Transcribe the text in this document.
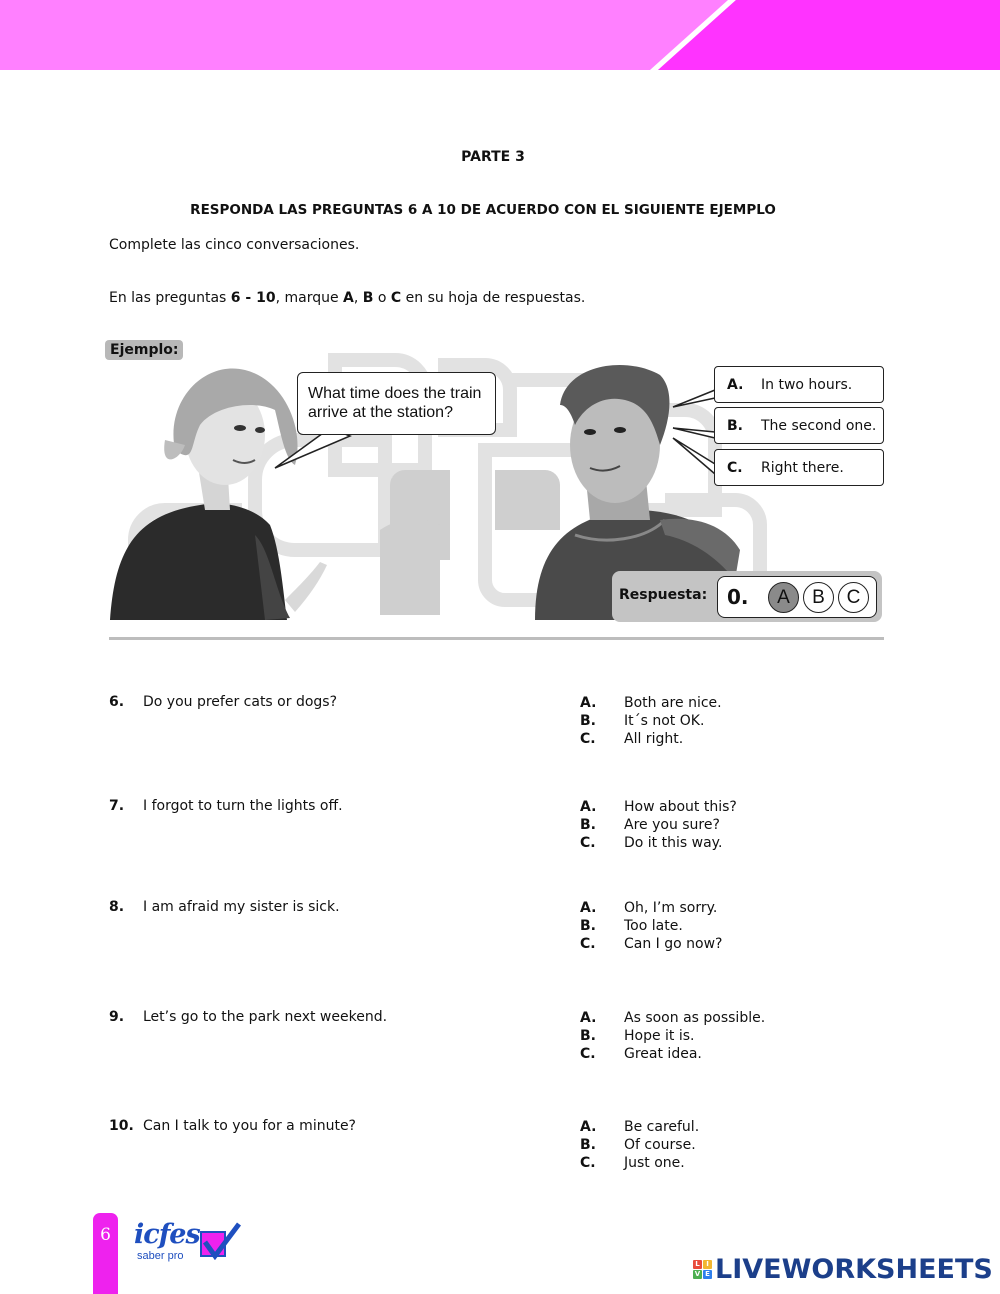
PARTE 3
RESPONDA LAS PREGUNTAS 6 A 10 DE ACUERDO CON EL SIGUIENTE EJEMPLO
Complete las cinco conversaciones.
En las preguntas 6 - 10, marque A, B o C en su hoja de respuestas.
Ejemplo:
What time does the train arrive at the station?
A.	In two hours.
B.	The second one.
C.	Right there.
Respuesta: 0.	A	B	C
6. Do you prefer cats or dogs?	A.	Both are nice.
B.	It´s not OK.
C.	All right.
7. I forgot to turn the lights off.	A.	How about this?
B.	Are you sure?
C.	Do it this way.
8. I am afraid my sister is sick.	A.	Oh, I’m sorry.
B.	Too late.
C.	Can I go now?
9. Let’s go to the park next weekend.	A.	As soon as possible.
B.	Hope it is.
C.	Great idea.
10. Can I talk to you for a minute?	A.	Be careful.
B.	Of course.
C.	Just one.
6 icfes
saber pro
L I
V E LIVEWORKSHEETS
